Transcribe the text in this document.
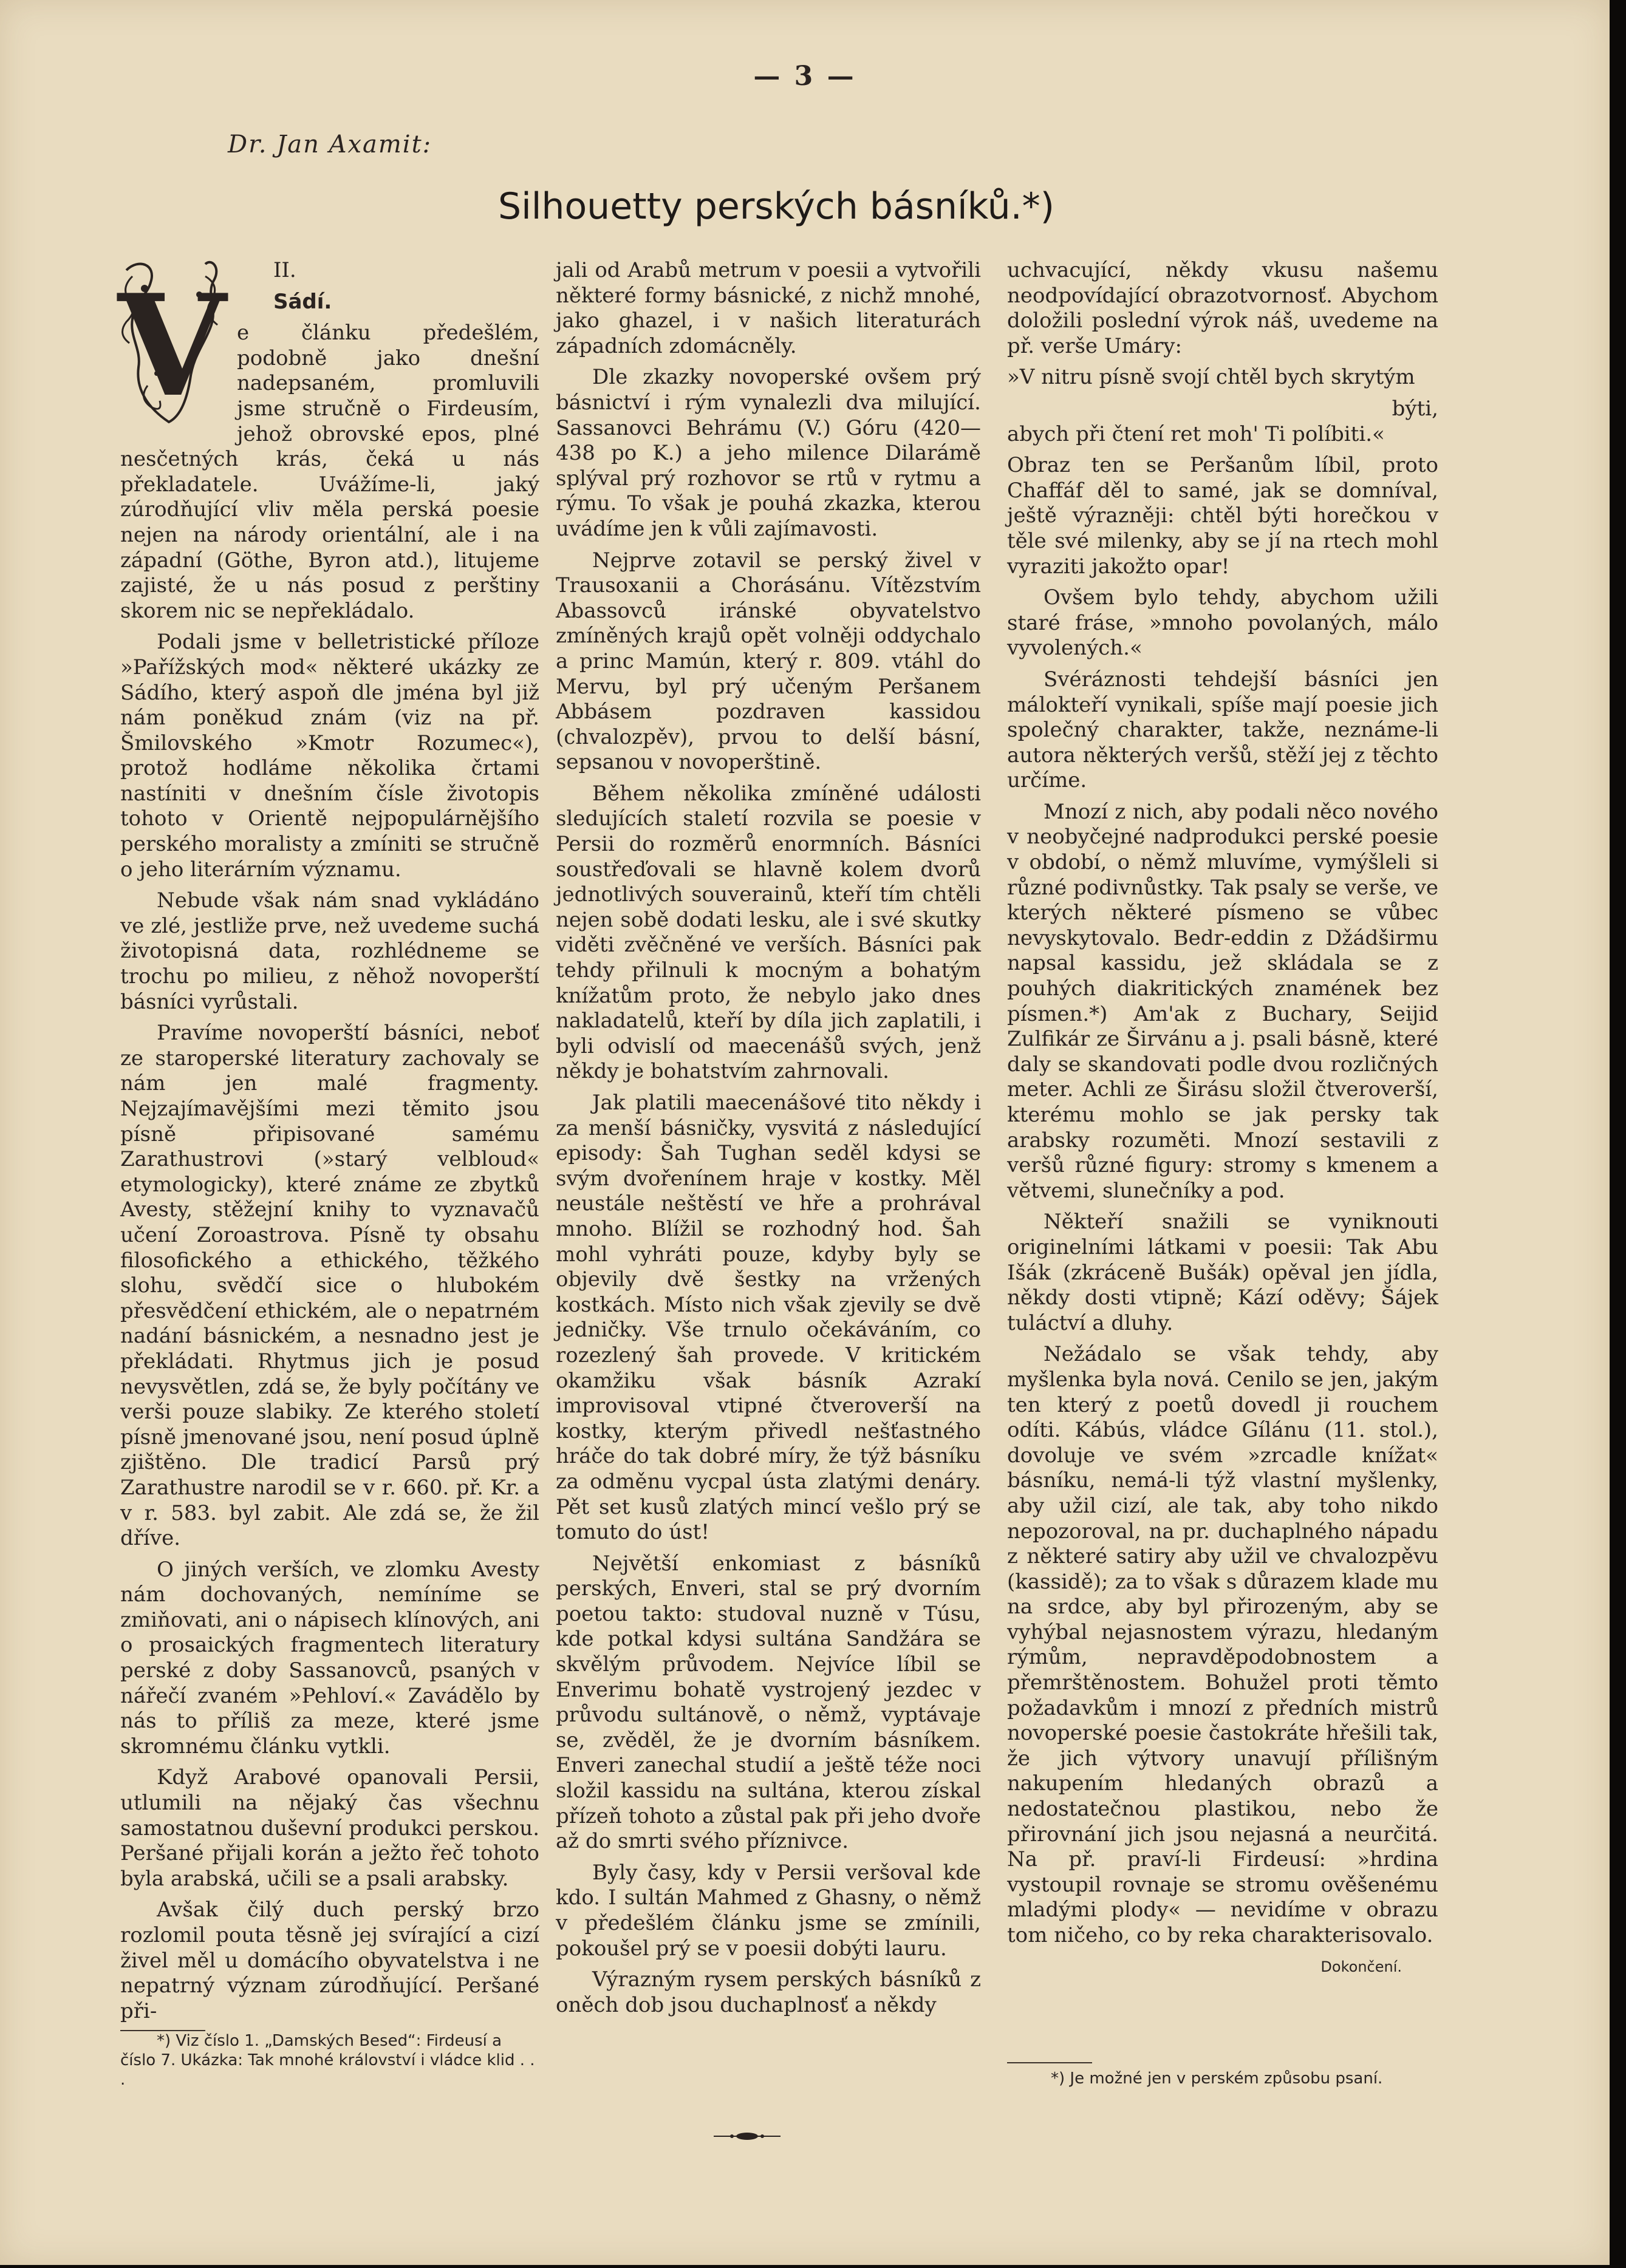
— 3 —
Dr. Jan Axamit:
Silhouetty perských básníků.*)
V	II.

Sádí.

e článku předešlém, podobně jako dnešní nadepsaném, promluvili jsme stručně o Firdeusím, jehož obrovské epos, plné nesčetných krás, čeká u nás překladatele. Uvážíme-li, jaký zúrodňující vliv měla perská poesie nejen na národy orientální, ale i na západní (Göthe, Byron atd.), litujeme zajisté, že u nás posud z perštiny skorem nic se nepřekládalo.

Podali jsme v belletristické příloze »Pařížských mod« některé ukázky ze Sádího, který aspoň dle jména byl již nám poněkud znám (viz na př. Šmilovského »Kmotr Rozumec«), protož hodláme několika črtami nastíniti v dnešním čísle životopis tohoto v Orientě nejpopulárnějšího perského moralisty a zmíniti se stručně o jeho literárním významu.

Nebude však nám snad vykládáno ve zlé, jestliže prve, než uvedeme suchá životopisná data, rozhlédneme se trochu po milieu, z něhož novoperští básníci vyrůstali.

Pravíme novoperští básníci, neboť ze staroperské literatury zachovaly se nám jen malé fragmenty. Nejzajímavějšími mezi těmito jsou písně připisované samému Zarathustrovi (»starý velbloud« etymologicky), které známe ze zbytků Avesty, stěžejní knihy to vyznavačů učení Zoroastrova. Písně ty obsahu filosofického a ethického, těžkého slohu, svědčí sice o hlubokém přesvědčení ethickém, ale o nepatrném nadání básnickém, a nesnadno jest je překládati. Rhytmus jich je posud nevysvětlen, zdá se, že byly počítány ve verši pouze slabiky. Ze kterého století písně jmenované jsou, není posud úplně zjištěno. Dle tradicí Parsů prý Zarathustre narodil se v r. 660. př. Kr. a v r. 583. byl zabit. Ale zdá se, že žil dříve.

O jiných verších, ve zlomku Avesty nám dochovaných, nemíníme se zmiňovati, ani o nápisech klínových, ani o prosaických fragmentech literatury perské z doby Sassanovců, psaných v nářečí zvaném »Pehloví.« Zavádělo by nás to příliš za meze, které jsme skromnému článku vytkli.

Když Arabové opanovali Persii, utlumili na nějaký čas všechnu samostatnou duševní produkci perskou. Peršané přijali korán a ježto řeč tohoto byla arabská, učili se a psali arabsky.

Avšak čilý duch perský brzo rozlomil pouta těsně jej svírající a cizí živel měl u domácího obyvatelstva i ne nepatrný význam zúrodňující. Peršané při-

*) Viz číslo 1. „Damských Besed“: Firdeusí a číslo 7. Ukázka: Tak mnohé království i vládce klid . . .

jali od Arabů metrum v poesii a vytvořili některé formy básnické, z nichž mnohé, jako ghazel, i v našich literaturách západních zdomácněly.

Dle zkazky novoperské ovšem prý básnictví i rým vynalezli dva milující. Sassanovci Behrámu (V.) Góru (420—438 po K.) a jeho milence Dilarámě splýval prý rozhovor se rtů v rytmu a rýmu. To však je pouhá zkazka, kterou uvádíme jen k vůli zajímavosti.

Nejprve zotavil se perský živel v Trausoxanii a Chorásánu. Vítězstvím Abassovců iránské obyvatelstvo zmíněných krajů opět volněji oddychalo a princ Mamún, který r. 809. vtáhl do Mervu, byl prý učeným Peršanem Abbásem pozdraven kassidou (chvalozpěv), prvou to delší básní, sepsanou v novoperštině.

Během několika zmíněné události sledujících staletí rozvila se poesie v Persii do rozměrů enormních. Básníci soustřeďovali se hlavně kolem dvorů jednotlivých souverainů, kteří tím chtěli nejen sobě dodati lesku, ale i své skutky viděti zvěčněné ve verších. Básníci pak tehdy přilnuli k mocným a bohatým knížatům proto, že nebylo jako dnes nakladatelů, kteří by díla jich zaplatili, i byli odvislí od maecenášů svých, jenž někdy je bohatstvím zahrnovali.

Jak platili maecenášové tito někdy i za menší básničky, vysvitá z následující episody: Šah Tughan seděl kdysi se svým dvořenínem hraje v kostky. Měl neustále neštěstí ve hře a prohrával mnoho. Blížil se rozhodný hod. Šah mohl vyhráti pouze, kdyby byly se objevily dvě šestky na vržených kostkách. Místo nich však zjevily se dvě jedničky. Vše trnulo očekáváním, co rozezlený šah provede. V kritickém okamžiku však básník Azrakí improvisoval vtipné čtveroverší na kostky, kterým přivedl nešťastného hráče do tak dobré míry, že týž básníku za odměnu vycpal ústa zlatými denáry. Pět set kusů zlatých mincí vešlo prý se tomuto do úst!

Největší enkomiast z básníků perských, Enveri, stal se prý dvorním poetou takto: studoval nuzně v Túsu, kde potkal kdysi sultána Sandžára se skvělým průvodem. Nejvíce líbil se Enverimu bohatě vystrojený jezdec v průvodu sultánově, o němž, vyptávaje se, zvěděl, že je dvorním básníkem. Enveri zanechal studií a ještě téže noci složil kassidu na sultána, kterou získal přízeň tohoto a zůstal pak při jeho dvoře až do smrti svého příznivce.

Byly časy, kdy v Persii veršoval kde kdo. I sultán Mahmed z Ghasny, o němž v předešlém článku jsme se zmínili, pokoušel prý se v poesii dobýti lauru.

Výrazným rysem perských básníků z oněch dob jsou duchaplnosť a někdy

uchvacující, někdy vkusu našemu neodpovídající obrazotvornosť. Abychom doložili poslední výrok náš, uvedeme na př. verše Umáry:

»V nitru písně svojí chtěl bych skrytým

býti,

abych při čtení ret moh' Ti políbiti.«

Obraz ten se Peršanům líbil, proto Chaffáf děl to samé, jak se domníval, ještě výrazněji: chtěl býti horečkou v těle své milenky, aby se jí na rtech mohl vyraziti jakožto opar!

Ovšem bylo tehdy, abychom užili staré fráse, »mnoho povolaných, málo vyvolených.«

Svéráznosti tehdejší básníci jen málokteří vynikali, spíše mají poesie jich společný charakter, takže, neznáme-li autora některých veršů, stěží jej z těchto určíme.

Mnozí z nich, aby podali něco nového v neobyčejné nadprodukci perské poesie v období, o němž mluvíme, vymýšleli si různé podivnůstky. Tak psaly se verše, ve kterých některé písmeno se vůbec nevyskytovalo. Bedr-eddin z Džádširmu napsal kassidu, jež skládala se z pouhých diakritických znamének bez písmen.*) Am'ak z Buchary, Seijid Zulfikár ze Širvánu a j. psali básně, které daly se skandovati podle dvou rozličných meter. Achli ze Širásu složil čtveroverší, kterému mohlo se jak persky tak arabsky rozuměti. Mnozí sestavili z veršů různé figury: stromy s kmenem a větvemi, slunečníky a pod.

Někteří snažili se vyniknouti originelními látkami v poesii: Tak Abu Išák (zkráceně Bušák) opěval jen jídla, někdy dosti vtipně; Kází oděvy; Šájek tuláctví a dluhy.

Nežádalo se však tehdy, aby myšlenka byla nová. Cenilo se jen, jakým ten který z poetů dovedl ji rouchem odíti. Kábús, vládce Gílánu (11. stol.), dovoluje ve svém »zrcadle knížat« básníku, nemá-li týž vlastní myšlenky, aby užil cizí, ale tak, aby toho nikdo nepozoroval, na pr. duchaplného nápadu z některé satiry aby užil ve chvalozpěvu (kassidě); za to však s důrazem klade mu na srdce, aby byl přirozeným, aby se vyhýbal nejasnostem výrazu, hledaným rýmům, nepravděpodobnostem a přemrštěnostem. Bohužel proti těmto požadavkům i mnozí z předních mistrů novoperské poesie častokráte hřešili tak, že jich výtvory unavují přílišným nakupením hledaných obrazů a nedostatečnou plastikou, nebo že přirovnání jich jsou nejasná a neurčitá. Na př. praví-li Firdeusí: »hrdina vystoupil rovnaje se stromu ověšenému mladými plody« — nevidíme v obrazu tom ničeho, co by reka charakterisovalo.

Dokončení.

*) Je možné jen v perském způsobu psaní.
